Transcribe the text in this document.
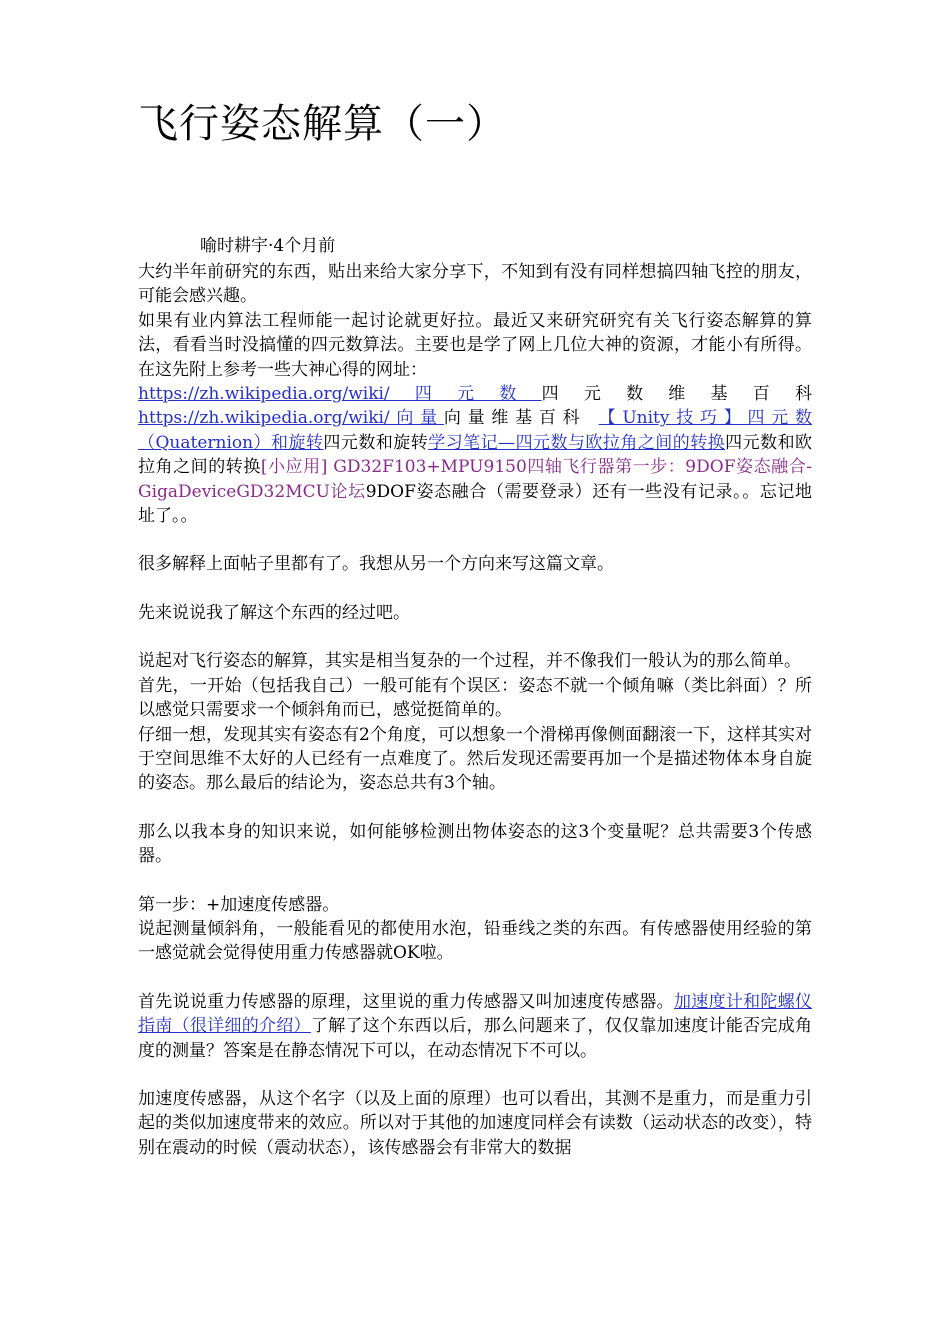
飞行姿态解算（一）
喻时耕宇·4个月前

大约半年前研究的东西，贴出来给大家分享下，不知到有没有同样想搞四轴飞控的朋友，可能会感兴趣。

如果有业内算法工程师能一起讨论就更好拉。最近又来研究研究有关飞行姿态解算的算法，看看当时没搞懂的四元数算法。主要也是学了网上几位大神的资源，才能小有所得。在这先附上参考一些大神心得的网址：

https://zh.wikipedia.org/wiki/四元数四元数维基百科 https://zh.wikipedia.org/wiki/向量向量维基百科 【Unity技巧】四元数（Quaternion）和旋转四元数和旋转学习笔记—四元数与欧拉角之间的转换四元数和欧拉角之间的转换[小应用] GD32F103+MPU9150四轴飞行器第一步：9DOF姿态融合-GigaDeviceGD32MCU论坛9DOF姿态融合（需要登录）还有一些没有记录。。忘记地址了。。

很多解释上面帖子里都有了。我想从另一个方向来写这篇文章。

先来说说我了解这个东西的经过吧。

说起对飞行姿态的解算，其实是相当复杂的一个过程，并不像我们一般认为的那么简单。

首先，一开始（包括我自己）一般可能有个误区：姿态不就一个倾角嘛（类比斜面）？所以感觉只需要求一个倾斜角而已，感觉挺简单的。

仔细一想，发现其实有姿态有2个角度，可以想象一个滑梯再像侧面翻滚一下，这样其实对于空间思维不太好的人已经有一点难度了。然后发现还需要再加一个是描述物体本身自旋的姿态。那么最后的结论为，姿态总共有3个轴。

那么以我本身的知识来说，如何能够检测出物体姿态的这3个变量呢？总共需要3个传感器。

第一步：+加速度传感器。

说起测量倾斜角，一般能看见的都使用水泡，铅垂线之类的东西。有传感器使用经验的第一感觉就会觉得使用重力传感器就OK啦。

首先说说重力传感器的原理，这里说的重力传感器又叫加速度传感器。加速度计和陀螺仪指南（很详细的介绍）了解了这个东西以后，那么问题来了，仅仅靠加速度计能否完成角度的测量？答案是在静态情况下可以，在动态情况下不可以。

加速度传感器，从这个名字（以及上面的原理）也可以看出，其测不是重力，而是重力引起的类似加速度带来的效应。所以对于其他的加速度同样会有读数（运动状态的改变），特别在震动的时候（震动状态），该传感器会有非常大的数据
